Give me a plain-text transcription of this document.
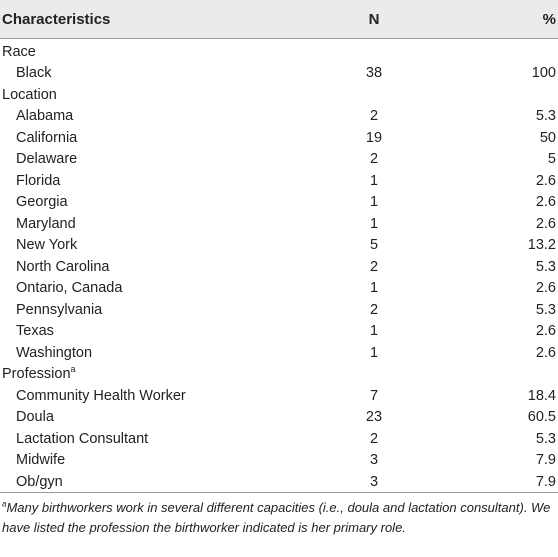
Characteristics	N	%
Race		
Black	38	100
Location		
Alabama	2	5.3
California	19	50
Delaware	2	5
Florida	1	2.6
Georgia	1	2.6
Maryland	1	2.6
New York	5	13.2
North Carolina	2	5.3
Ontario, Canada	1	2.6
Pennsylvania	2	5.3
Texas	1	2.6
Washington	1	2.6
Profession$^a$		
Community Health Worker	7	18.4
Doula	23	60.5
Lactation Consultant	2	5.3
Midwife	3	7.9
Ob/gyn	3	7.9
$^a$Many birthworkers work in several different capacities (i.e., doula and lactation consultant). We have listed the profession the birthworker indicated is her primary role.
